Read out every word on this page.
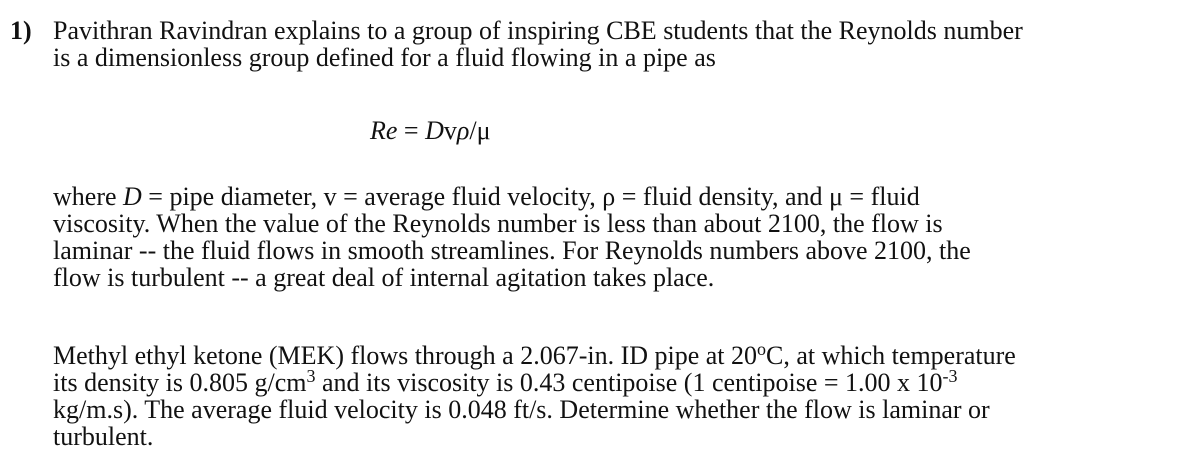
1) Pavithran Ravindran explains to a group of inspiring CBE students that the Reynolds number
is a dimensionless group defined for a fluid flowing in a pipe as
Re = Dvρ/μ
where D = pipe diameter, v = average fluid velocity, ρ = fluid density, and μ = fluid
viscosity. When the value of the Reynolds number is less than about 2100, the flow is
laminar -- the fluid flows in smooth streamlines. For Reynolds numbers above 2100, the
flow is turbulent -- a great deal of internal agitation takes place.
Methyl ethyl ketone (MEK) flows through a 2.067-in. ID pipe at 20$^o$C, at which temperature
its density is 0.805 $g/cm^3$ and its viscosity is 0.43 centipoise (1 centipoise = 1.00 x $10^{-3}$
kg/m.s). The average fluid velocity is 0.048 ft/s. Determine whether the flow is laminar or
turbulent.
